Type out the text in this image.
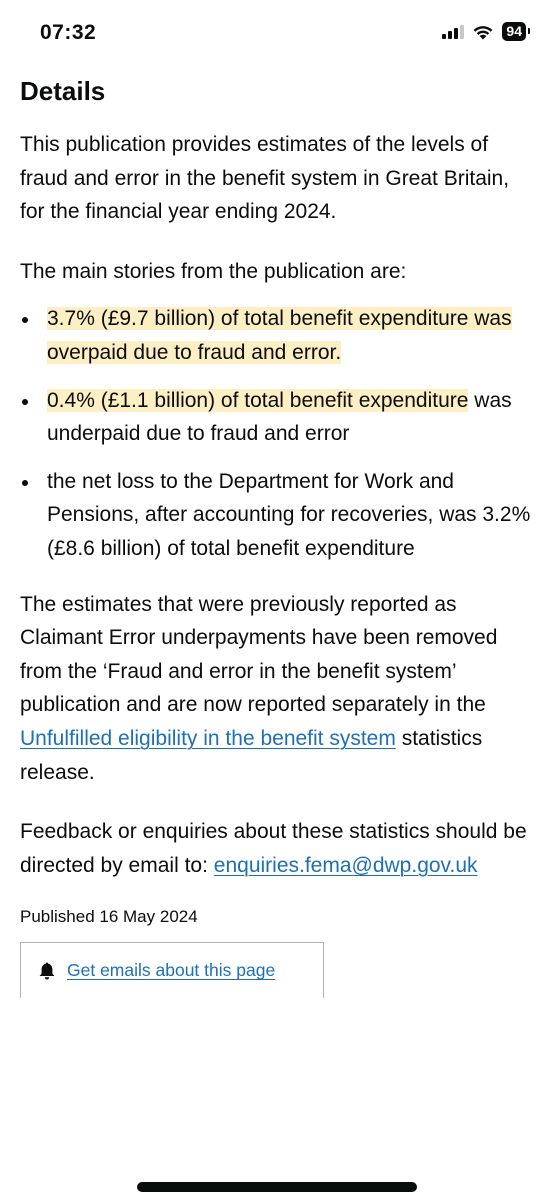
07:32	94
Details

This publication provides estimates of the levels of fraud and error in the benefit system in Great Britain, for the financial year ending 2024.

The main stories from the publication are:

3.7% (£9.7 billion) of total benefit expenditure was overpaid due to fraud and error.
0.4% (£1.1 billion) of total benefit expenditure was underpaid due to fraud and error
the net loss to the Department for Work and Pensions, after accounting for recoveries, was 3.2% (£8.6 billion) of total benefit expenditure

The estimates that were previously reported as Claimant Error underpayments have been removed from the ‘Fraud and error in the benefit system’ publication and are now reported separately in the Unfulfilled eligibility in the benefit system statistics release.

Feedback or enquiries about these statistics should be directed by email to: enquiries.fema@dwp.gov.uk

Published 16 May 2024
Get emails about this page
